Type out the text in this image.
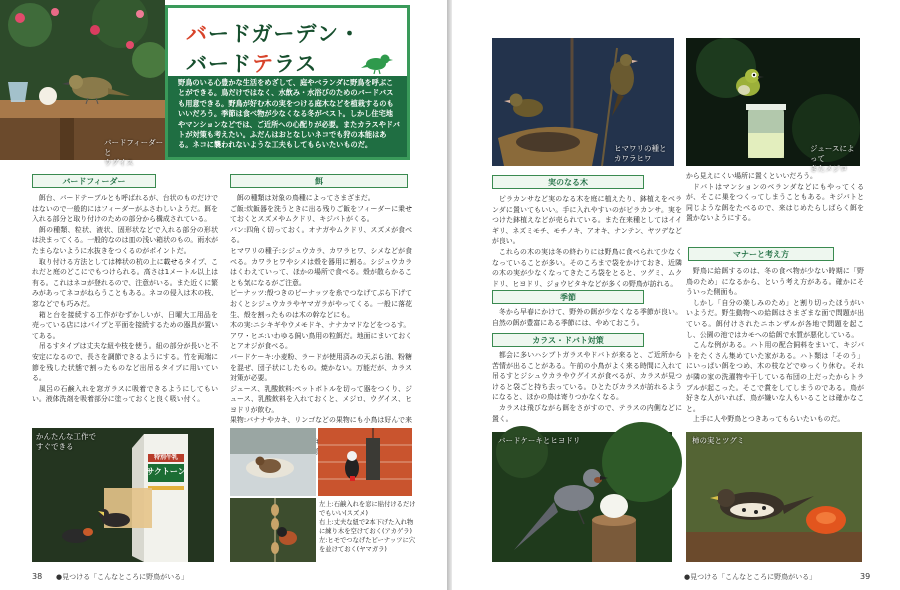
バードフィーダーと
ウグイス
バードガーデン・
バードテラス
野鳥のいる心豊かな生活をめざして、庭やベランダに野鳥を呼ぶことができる。鳥だけではなく、水飲み・水浴びのためのバードバスも用意できる。野鳥が好む木の実をつける庭木などを植栽するのもいいだろう。季節は食べ物が少なくなる冬がベスト。しかし住宅地やマンションなどでは、ご近所への心配りが必要。またカラスやドバトが対策も考えたい。ふだんはおとなしいネコでも狩の本能はある。ネコに襲われないような工夫もしてもらいたいものだ。
バードフィーダー

餌台、バードテーブルとも呼ばれるが、台状のものだけではないので一般的にはフィーダーがふさわしいようだ。餌を入れる部分と取り付けのための部分から構成されている。

餌の種類、粒状、液状、固形状などで入れる部分の形状は決まってくる。一般的なのは皿の浅い箱状のもの。雨水がたまらないように水抜きをつくるのがポイントだ。

取り付ける方法としては棒状の杭の上に載せるタイプ、これだと庭のどこにでもつけられる。高さは1メートル以上は有る。これはネコが登れるので、注意がいる。また近くに繁みがあってネコがねらうこともある。ネコの侵入は木の枝、窓などでも巧みだ。

箱と台を接続する工作がむずかしいが、日曜大工用品を売っている店にはパイプと平面を接続するための器具が置いてある。

吊るすタイプは丈夫な紐や枝を使う。紐の部分が長いと不安定になるので、長さを調節できるようにする。竹を両端に節を残した状態で割ったものなど出吊るタイプに用いている。

風呂の石鹸入れを窓ガラスに吸着できるようにしてもいい。液体洗剤を吸着部分に塗っておくと良く吸い付く。

餌

餌の種類は対象の鳥種によってさまざまだ。

ご飯:炊飯器を洗うときに出る残りご飯をフィーダーに乗せておくとスズメやムクドリ、キジバトがくる。

パン:四角く切っておく。オナガやムクドリ、スズメが食べる。

ヒマワリの種子:シジュウカラ、カワラヒワ、シメなどが食べる。カワラヒワやシメは殻を器用に割る。シジュウカラはくわえていって、ほかの場所で食べる。殻が散らかることも気になるがご注意。

ピーナッツ:殻つきのピーナッツを糸でつなげてぶら下げておくとシジュウカラやヤマガラがやってくる。一般に落花生、殻を割ったものは木の幹などにも。

木の実:ニシキギやウメモドキ、ナナカマドなどをつるす。

アワ・ヒエ:いわゆる飼い鳥用の粒餌だ。地面にまいておくとアオジが食べる。

バードケーキ:小麦粉、ラードが使用済みの天ぷら油、粉糖を混ぜ、団子状にしたもの。焼かない。万能だが、カラス対策が必要。

ジュース、乳酸飲料:ペットボトルを切って器をつくり、ジュース、乳酸飲料を入れておくと、メジロ、ウグイス、ヒヨドリが飲む。

果物:バナナやカキ、リンゴなどの果物にも小鳥は好んで来

かんたんな工作で
すぐできる
特別牛乳
サクトーン
左上:石鹸入れを窓に貼付けるだけでもいい(スズメ)
右上:丈夫な紐で2本下げた入れ物に練り木を空けておく(アカゲラ)
左:ヒモでつなげたピーナッツに穴を並けておく(ヤマガラ)
38 ●見つける「こんなところに野鳥がいる」
ヒマワリの種と
カワラヒワ
ジュースによって
きたメジロ
実のなる木

ピラカンサなど実のなる木を庭に植えたり、鉢植えをベランダに置いてもいい。手に入れやすいのがピラカンサ。実をつけた鉢植えなどが売られている。また在来種としてはイイギリ、ネズミモチ、モチノキ、アオキ、ナンテン、ヤツデなどが良い。

これらの木の実は冬の終わりには野鳥に食べられて少なくなっていることが多い。そのころまで袋をかけておき、近隣の木の実が少なくなってきたころ袋をとると、ツグミ、ムクドリ、ヒヨドリ、ジョウビタキなどが多くの野鳥が訪れる。

季節

冬から早春にかけて、野外の餌が少なくなる季節が良い。自然の餌が豊富にある季節には、やめておこう。

カラス・ドバト対策

都会に多いハシブトガラスやドバトが来ると、ご近所から苦情が出ることがある。午前の小鳥がよく来る時間に入れて吊るすとジシュウカラやウグイスが食べるが、カラスが見つけると袋ごと持ち去っている。ひとたびカラスが訪れるようになると、ほかの鳥は寄りつかなくなる。

カラスは飛びながら餌をさがすので、テラスの内側などに置く。

から見えにくい場所に置くといいだろう。

ドバトはマンションのベランダなどにもやってくるが、そこに巣をつくってしまうこともある。キジバトと同じような餌をたべるので、来はじめたらしばらく餌を置かないようにする。

マナーと考え方

野鳥に給餌するのは、冬の食べ物が少ない時期に「野鳥のため」になるから、という考え方がある。確かにそういった側面も。

しかし「自分の楽しみのため」と割り切ったほうがいいようだ。野生動物への給餌はさまざまな面で問題が出ている。餌付けされたニホンザルが各地で問題を起こし、公園の池ではカモへの給餌で水質が悪化している。

こんな例がある。ハト用の配合飼料をまいて、キジバトをたくさん集めていた家がある。ハト類は「そのう」にいっぱい餌をつめ、木の枝などでゆっくり休む。それが隣の家の洗濯物や干している布団の上だったからトラブルが起こった。そこで賞をしてしまうのである。鳥が好きな人がいれば、鳥が嫌いな人もいることは確かなこと。

上手に人や野鳥とつきあってもらいたいものだ。

バードケーキとヒヨドリ	柿の実とツグミ
●見つける「こんなところに野鳥がいる」	39
